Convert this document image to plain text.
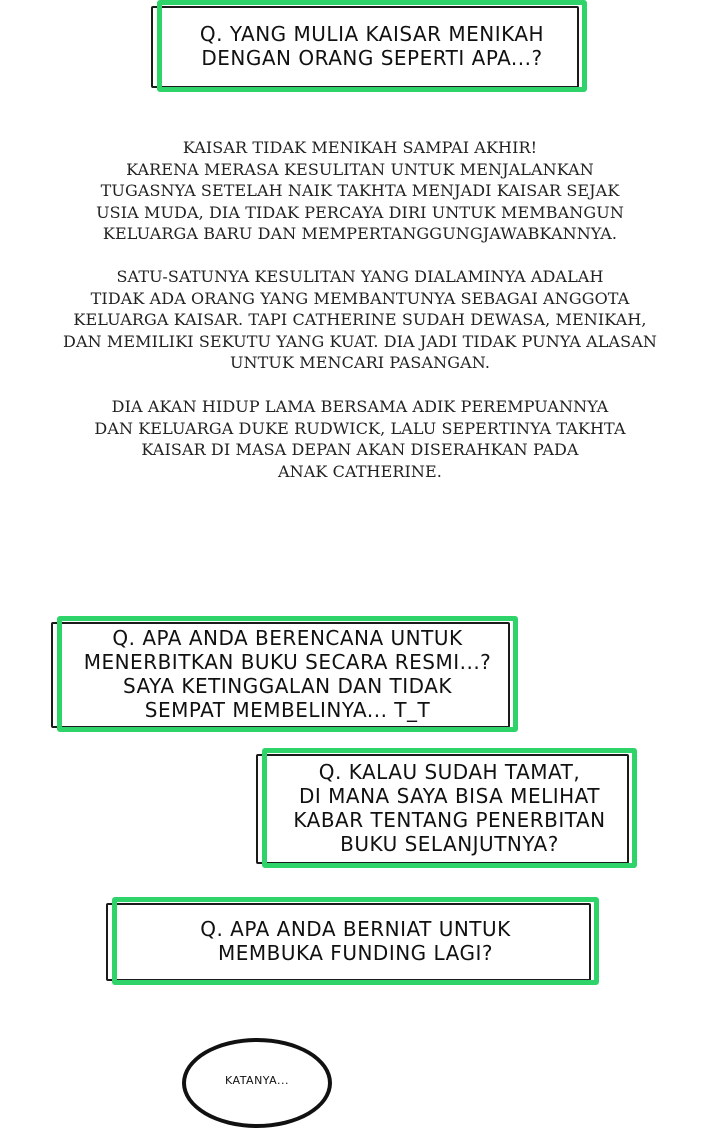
Q. YANG MULIA KAISAR MENIKAH
DENGAN ORANG SEPERTI APA...?
KAISAR TIDAK MENIKAH SAMPAI AKHIR!
KARENA MERASA KESULITAN UNTUK MENJALANKAN
TUGASNYA SETELAH NAIK TAKHTA MENJADI KAISAR SEJAK
USIA MUDA, DIA TIDAK PERCAYA DIRI UNTUK MEMBANGUN
KELUARGA BARU DAN MEMPERTANGGUNGJAWABKANNYA.
SATU-SATUNYA KESULITAN YANG DIALAMINYA ADALAH
TIDAK ADA ORANG YANG MEMBANTUNYA SEBAGAI ANGGOTA
KELUARGA KAISAR. TAPI CATHERINE SUDAH DEWASA, MENIKAH,
DAN MEMILIKI SEKUTU YANG KUAT. DIA JADI TIDAK PUNYA ALASAN
UNTUK MENCARI PASANGAN.
DIA AKAN HIDUP LAMA BERSAMA ADIK PEREMPUANNYA
DAN KELUARGA DUKE RUDWICK, LALU SEPERTINYA TAKHTA
KAISAR DI MASA DEPAN AKAN DISERAHKAN PADA
ANAK CATHERINE.
Q. APA ANDA BERENCANA UNTUK
MENERBITKAN BUKU SECARA RESMI...?
SAYA KETINGGALAN DAN TIDAK
SEMPAT MEMBELINYA... T_T
Q. KALAU SUDAH TAMAT,
DI MANA SAYA BISA MELIHAT
KABAR TENTANG PENERBITAN
BUKU SELANJUTNYA?
Q. APA ANDA BERNIAT UNTUK
MEMBUKA FUNDING LAGI?
KATANYA...
